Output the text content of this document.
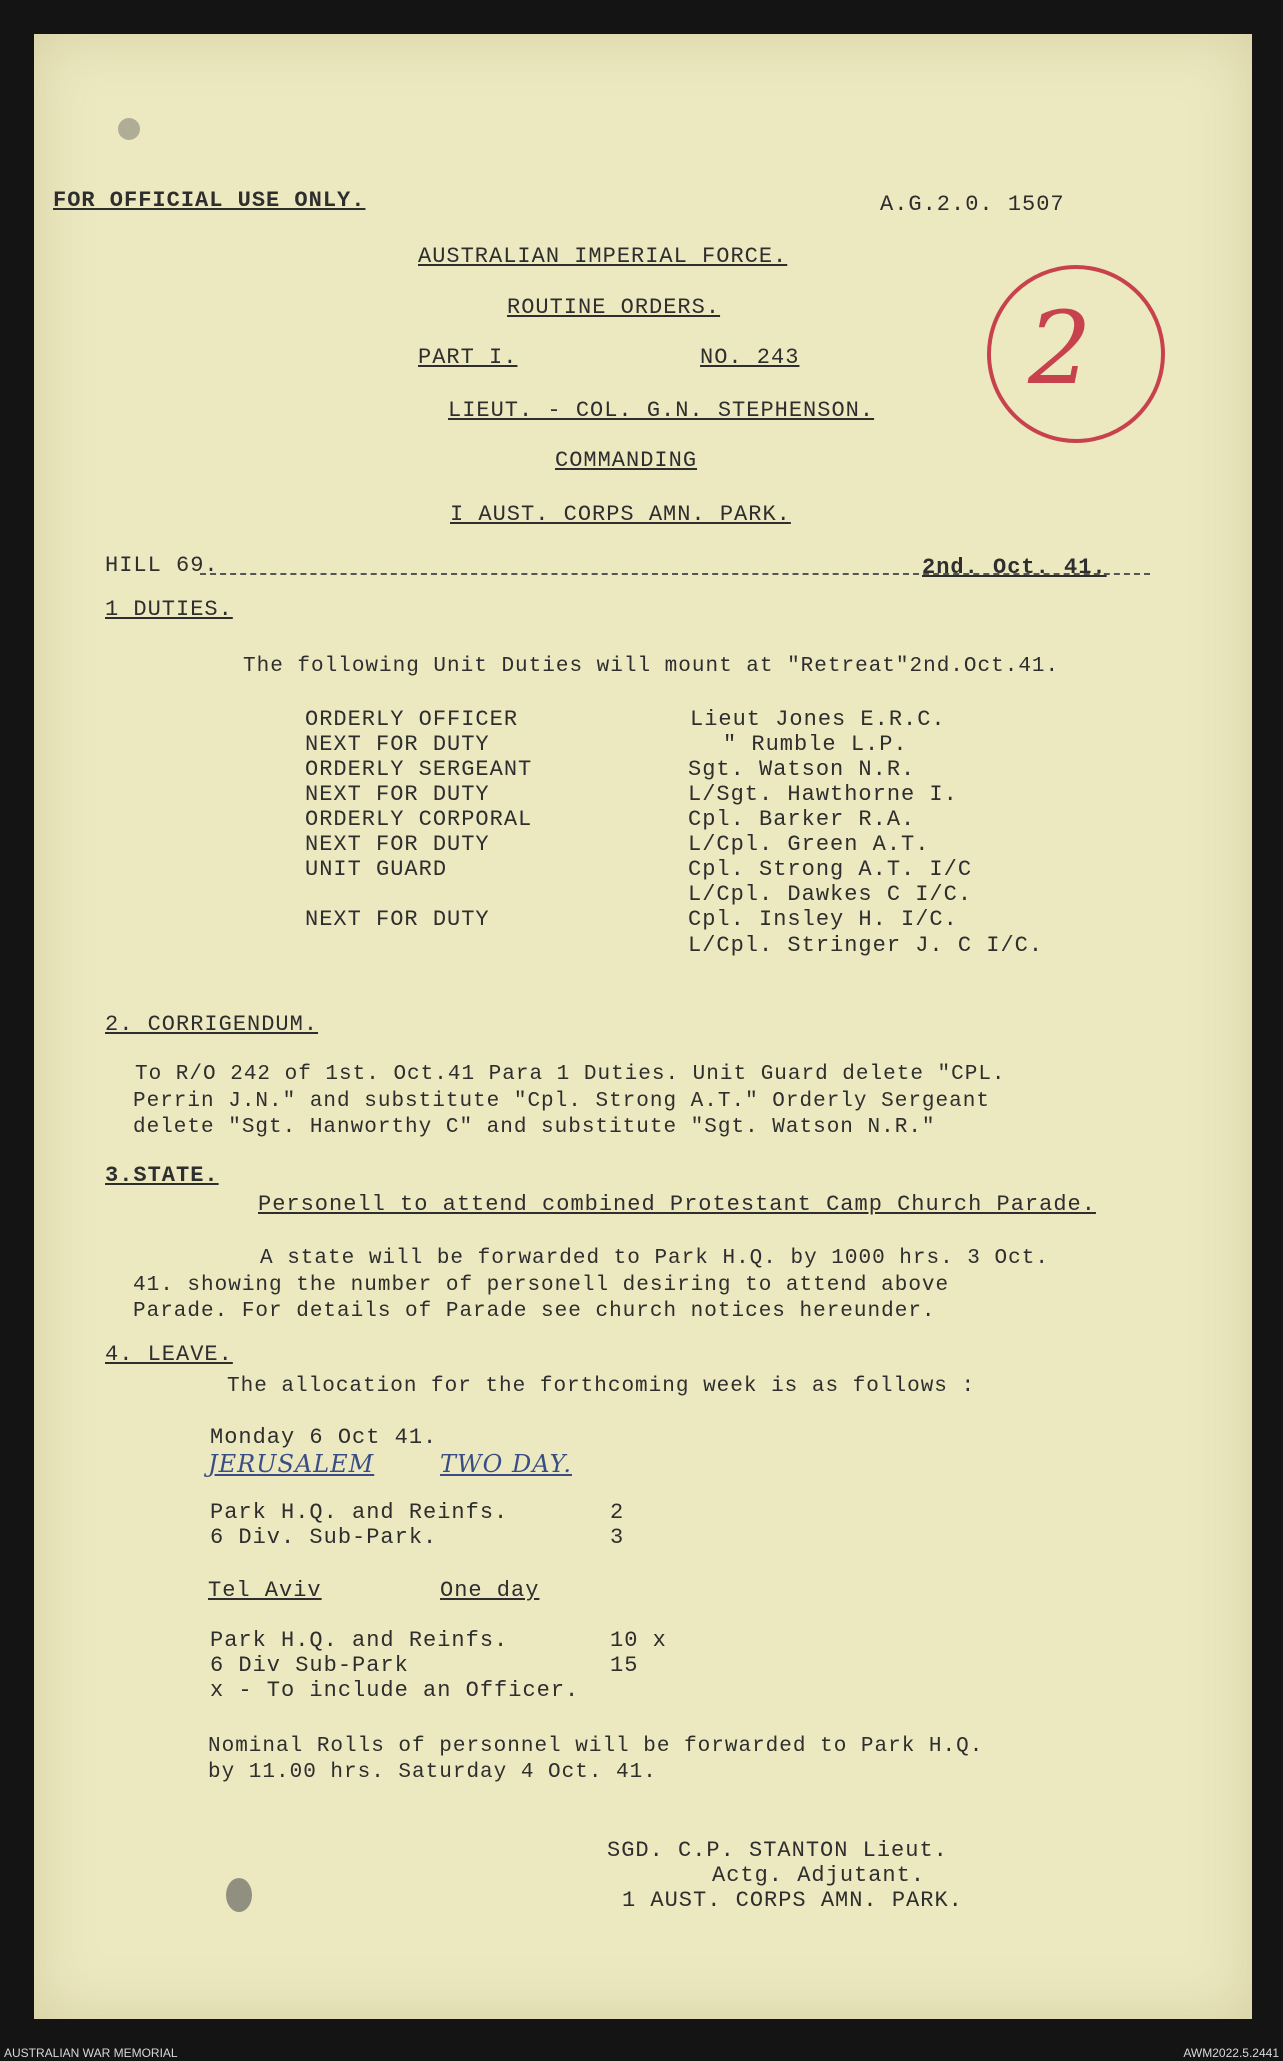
FOR OFFICIAL USE ONLY.	A.G.2.0. 1507
AUSTRALIAN IMPERIAL FORCE.
ROUTINE ORDERS.
PART I.	NO. 243
LIEUT. - COL. G.N. STEPHENSON.
COMMANDING
I AUST. CORPS AMN. PARK.
2
HILL 69.	2nd. Oct. 41.
1 DUTIES.
The following Unit Duties will mount at "Retreat"2nd.Oct.41.
ORDERLY OFFICER	Lieut Jones E.R.C.
NEXT FOR DUTY	" Rumble L.P.
ORDERLY SERGEANT	Sgt. Watson N.R.
NEXT FOR DUTY	L/Sgt. Hawthorne I.
ORDERLY CORPORAL	Cpl. Barker R.A.
NEXT FOR DUTY	L/Cpl. Green A.T.
UNIT GUARD	Cpl. Strong A.T. I/C
L/Cpl. Dawkes C I/C.
NEXT FOR DUTY	Cpl. Insley H. I/C.
L/Cpl. Stringer J. C I/C.
2. CORRIGENDUM.
To R/O 242 of 1st. Oct.41 Para 1 Duties. Unit Guard delete "CPL.
Perrin J.N." and substitute "Cpl. Strong A.T." Orderly Sergeant
delete "Sgt. Hanworthy C" and substitute "Sgt. Watson N.R."
3.STATE.
Personell to attend combined Protestant Camp Church Parade.
A state will be forwarded to Park H.Q. by 1000 hrs. 3 Oct.
41. showing the number of personell desiring to attend above
Parade. For details of Parade see church notices hereunder.
4. LEAVE.
The allocation for the forthcoming week is as follows :
Monday 6 Oct 41.
JERUSALEM	TWO DAY.
Park H.Q. and Reinfs.	2
6 Div. Sub-Park.	3
Tel Aviv	One day
Park H.Q. and Reinfs.	10 x
6 Div Sub-Park	15
x - To include an Officer.
Nominal Rolls of personnel will be forwarded to Park H.Q.
by 11.00 hrs. Saturday 4 Oct. 41.
SGD. C.P. STANTON Lieut.
Actg. Adjutant.
1 AUST. CORPS AMN. PARK.
AUSTRALIAN WAR MEMORIAL	AWM2022.5.2441
